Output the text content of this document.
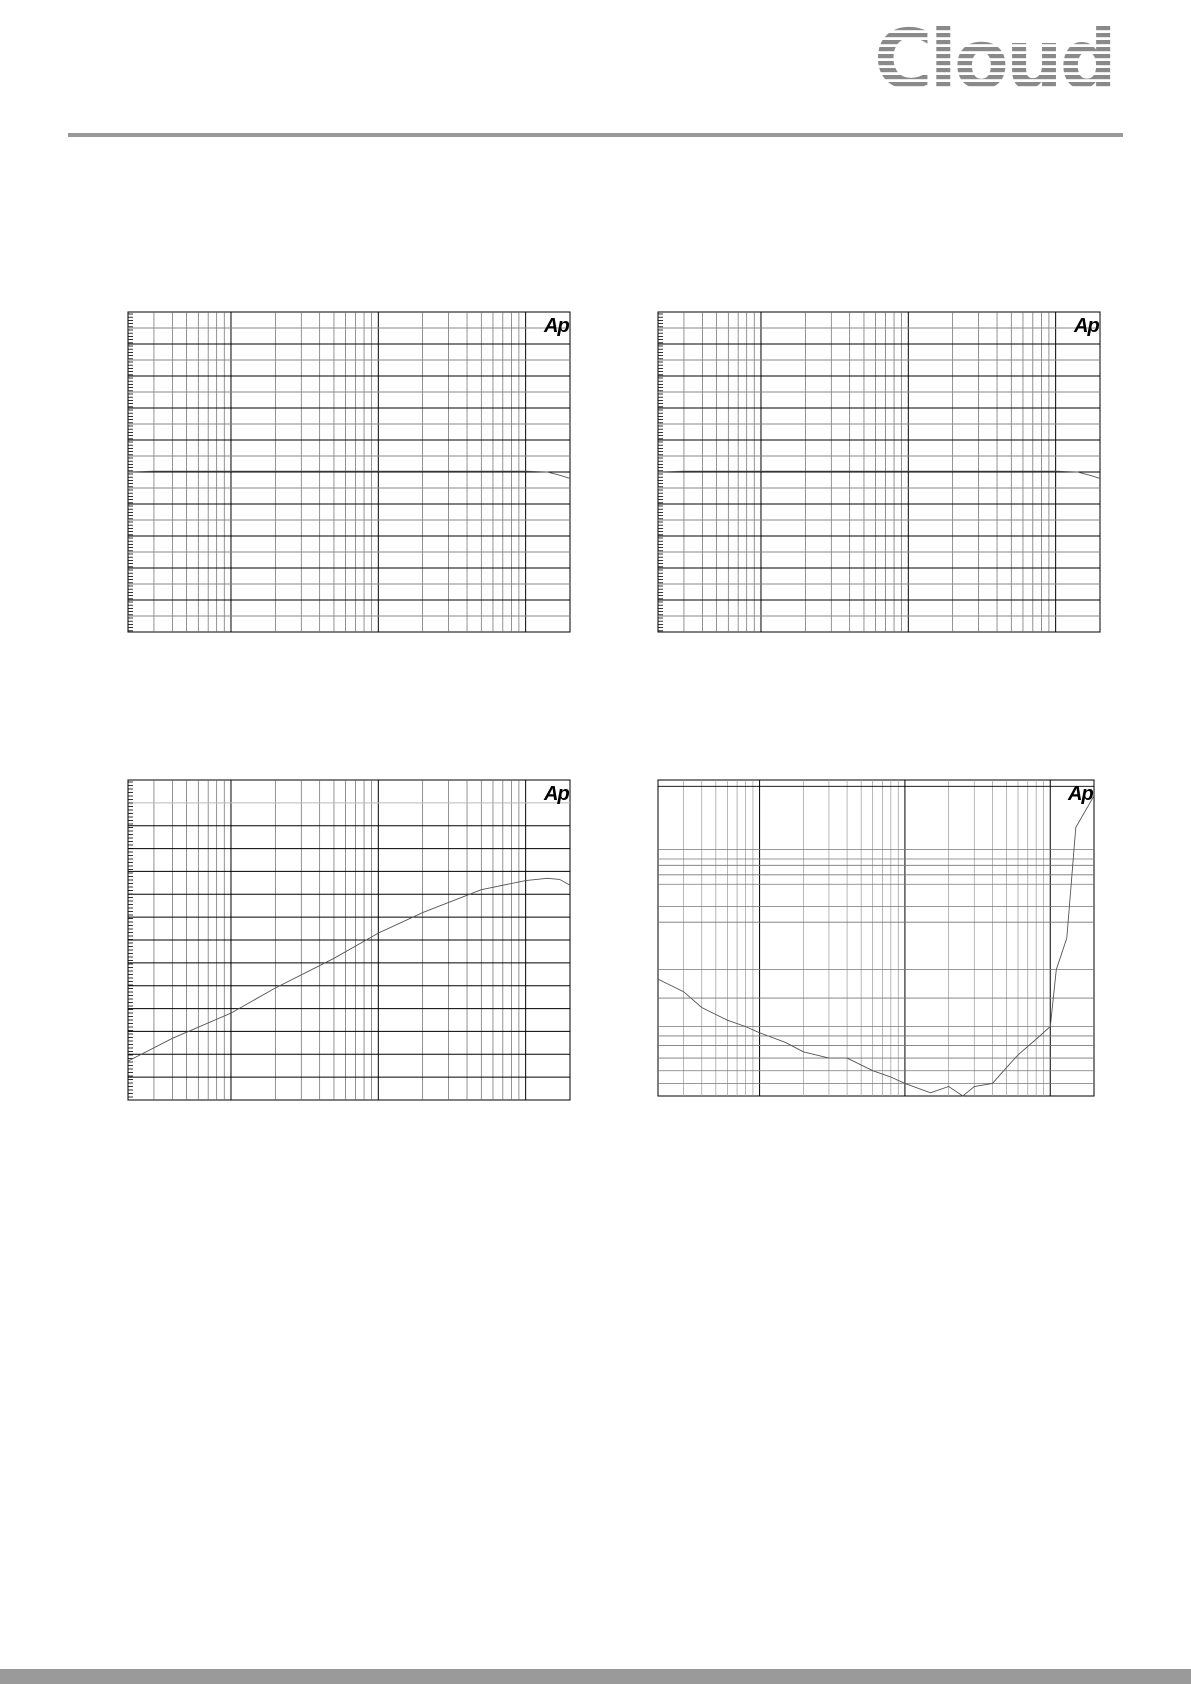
Cloud
Ap	Ap
Ap	Ap
